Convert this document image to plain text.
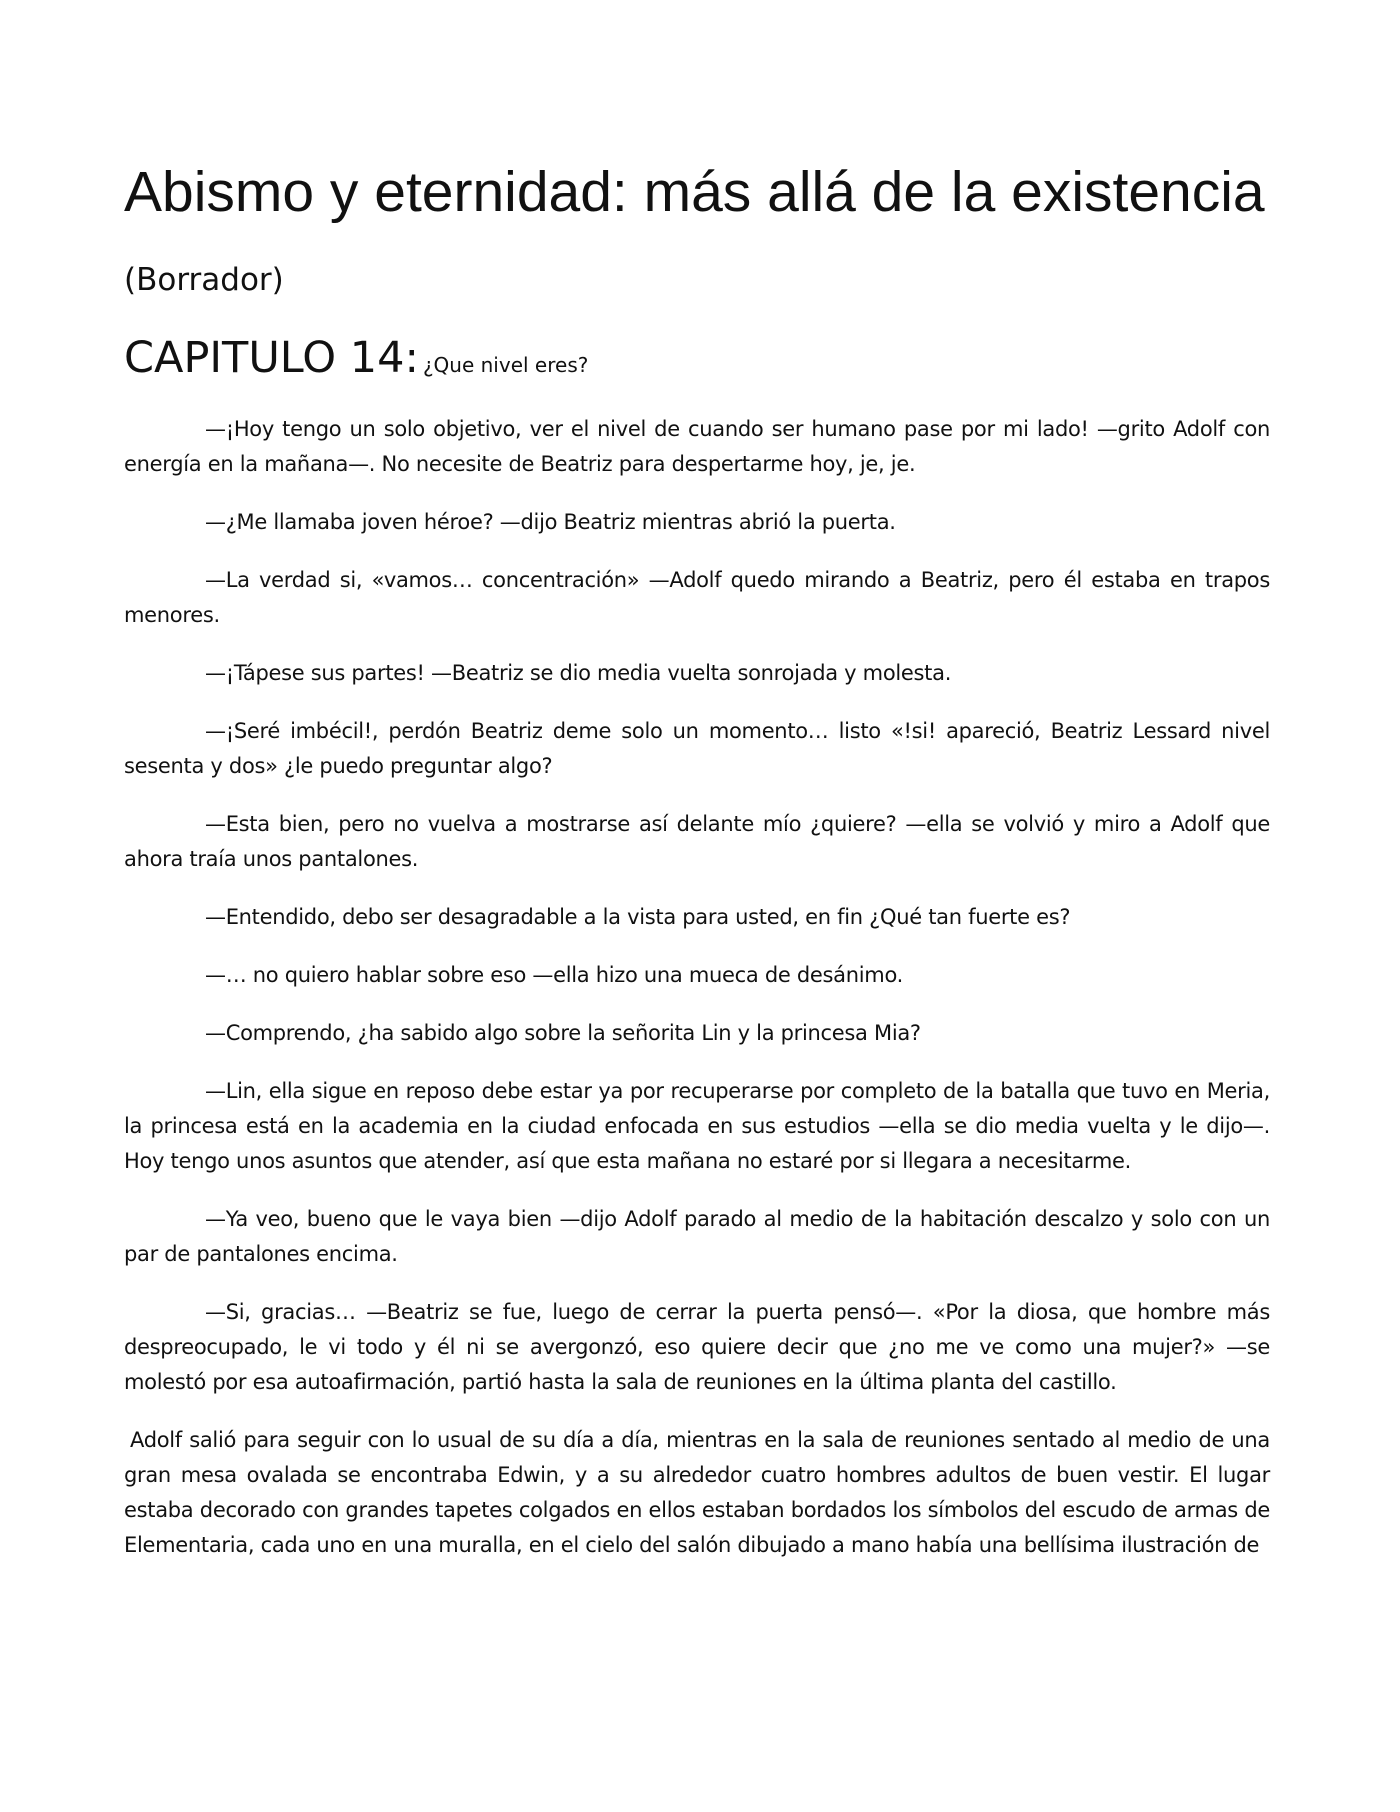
Abismo y eternidad: más allá de la existencia
(Borrador)
CAPITULO 14: ¿Que nivel eres?

—¡Hoy tengo un solo objetivo, ver el nivel de cuando ser humano pase por mi lado! —grito Adolf con energía en la mañana—. No necesite de Beatriz para despertarme hoy, je, je.

—¿Me llamaba joven héroe? —dijo Beatriz mientras abrió la puerta.

—La verdad si, «vamos… concentración» —Adolf quedo mirando a Beatriz, pero él estaba en trapos menores.

—¡Tápese sus partes! —Beatriz se dio media vuelta sonrojada y molesta.

—¡Seré imbécil!, perdón Beatriz deme solo un momento… listo «!si! apareció, Beatriz Lessard nivel sesenta y dos» ¿le puedo preguntar algo?

—Esta bien, pero no vuelva a mostrarse así delante mío ¿quiere? —ella se volvió y miro a Adolf que ahora traía unos pantalones.

—Entendido, debo ser desagradable a la vista para usted, en fin ¿Qué tan fuerte es?

—… no quiero hablar sobre eso —ella hizo una mueca de desánimo.

—Comprendo, ¿ha sabido algo sobre la señorita Lin y la princesa Mia?

—Lin, ella sigue en reposo debe estar ya por recuperarse por completo de la batalla que tuvo en Meria, la princesa está en la academia en la ciudad enfocada en sus estudios —ella se dio media vuelta y le dijo—. Hoy tengo unos asuntos que atender, así que esta mañana no estaré por si llegara a necesitarme.

—Ya veo, bueno que le vaya bien —dijo Adolf parado al medio de la habitación descalzo y solo con un par de pantalones encima.

—Si, gracias… —Beatriz se fue, luego de cerrar la puerta pensó—. «Por la diosa, que hombre más despreocupado, le vi todo y él ni se avergonzó, eso quiere decir que ¿no me ve como una mujer?» —se molestó por esa autoafirmación, partió hasta la sala de reuniones en la última planta del castillo.

Adolf salió para seguir con lo usual de su día a día, mientras en la sala de reuniones sentado al medio de una gran mesa ovalada se encontraba Edwin, y a su alrededor cuatro hombres adultos de buen vestir. El lugar estaba decorado con grandes tapetes colgados en ellos estaban bordados los símbolos del escudo de armas de Elementaria, cada uno en una muralla, en el cielo del salón dibujado a mano había una bellísima ilustración de
